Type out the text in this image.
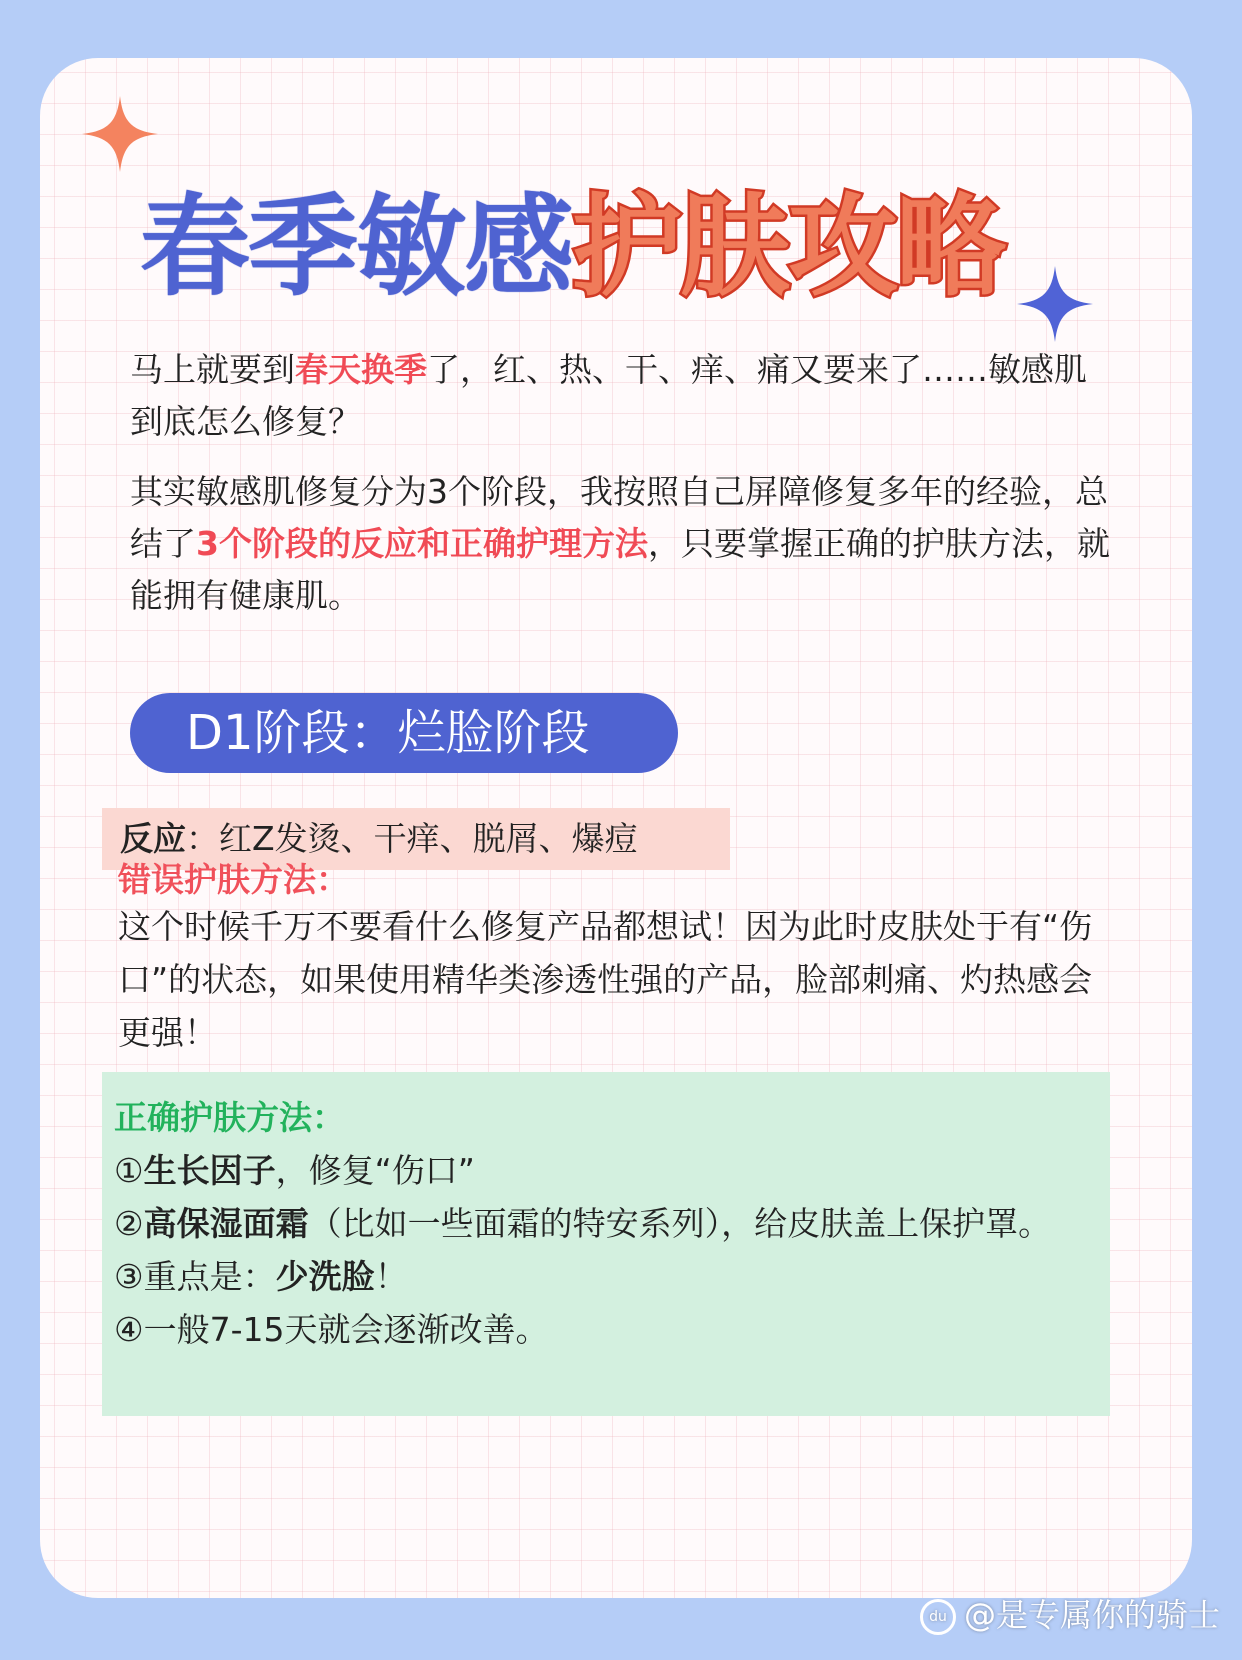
春季敏感护肤攻略
马上就要到春天换季了，红、热、干、痒、痛又要来了……敏感肌到底怎么修复？
其实敏感肌修复分为3个阶段，我按照自己屏障修复多年的经验，总结了3个阶段的反应和正确护理方法，只要掌握正确的护肤方法，就能拥有健康肌。
D1阶段：烂脸阶段
反应：红Z发烫、干痒、脱屑、爆痘
错误护肤方法：
这个时候千万不要看什么修复产品都想试！因为此时皮肤处于有“伤口”的状态，如果使用精华类渗透性强的产品，脸部刺痛、灼热感会更强！
正确护肤方法：
①生长因子，修复“伤口”
②高保湿面霜（比如一些面霜的特安系列），给皮肤盖上保护罩。
③重点是：少洗脸！
④一般7-15天就会逐渐改善。
du @是专属你的骑士
